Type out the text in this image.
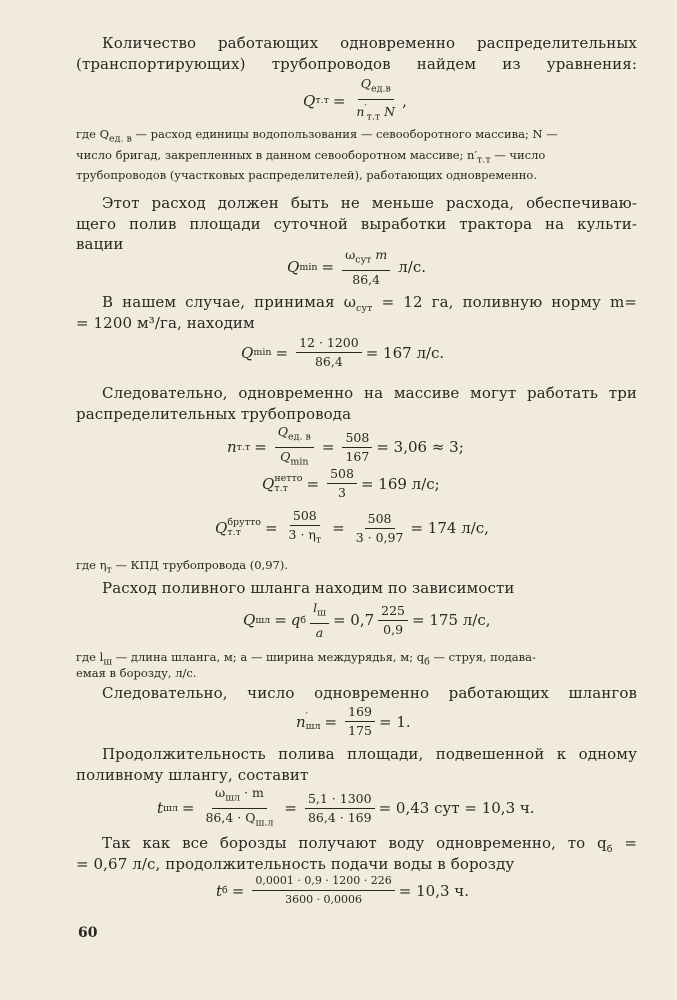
Количество работающих одновременно распределительных
(транспортирующих) трубопроводов найдем из уравнения:
Q $т.т = \frac{Q_{ед.в}}{n'_{т.т} N}$ ,
где $Q_{ед. в}$ — расход единицы водопользования — севооборотного массива; N —
число бригад, закрепленных в данном севооборотном массиве; $n'_{т.т}$ — число
трубопроводов (участковых распределителей), работающих одновременно.
Этот расход должен быть не меньше расхода, обеспечиваю-
щего полив площади суточной выработки трактора на культи-
вации
Q $\min = \frac{\omega_{сут} m}{86,4} л/с$.
В нашем случае, принимая $\omega_{сут} = 12$ га, поливную норму m=
= 1200 м³/га, находим
Q $\min = \frac{12 \cdot 1200}{86,4} = 167$ л/с.
Следовательно, одновременно на массиве могут работать три
распределительных трубопровода
n $т.т = \frac{Q_{ед. в}}{Q_{min}} = \frac{508}{167} = 3,06 \approx 3$;
Q нетто
т.т	= $\frac{508}{3} = 169$ л/с;
Q брутто
т.т	= $\frac{508}{3 \cdot \eta_т} = \frac{508}{3 \cdot 0,97} = 174$ л/с,
где $\eta_т$ — КПД трубопровода (0,97).
Расход поливного шланга находим по зависимости
Q шл = q б $\frac{l_ш}{a} = 0,7 \frac{225}{0,9} = 175$ л/с,
где $l_ш$ — длина шланга, м; a — ширина междурядья, м; $q_б$ — струя, подава-
емая в борозду, л/с.
Следовательно, число одновременно работающих шлангов
n ′
шл = $\frac{169}{175} = 1$.
Продолжительность полива площади, подвешенной к одному
поливному шлангу, составит
t шл = $\frac{\omega_{шл} \cdot m}{86,4 \cdot Q_{ш.л}} = \frac{5,1 \cdot 1300}{86,4 \cdot 169} = 0,43$ сут = 10,3 ч.
Так как все борозды получают воду одновременно, то $q_б$ =
= 0,67 л/с, продолжительность подачи воды в борозду
t $б = \frac{0,0001 \cdot 0,9 \cdot 1200 \cdot 226}{3600 \cdot 0,0006} = 10,3$ ч.
60
